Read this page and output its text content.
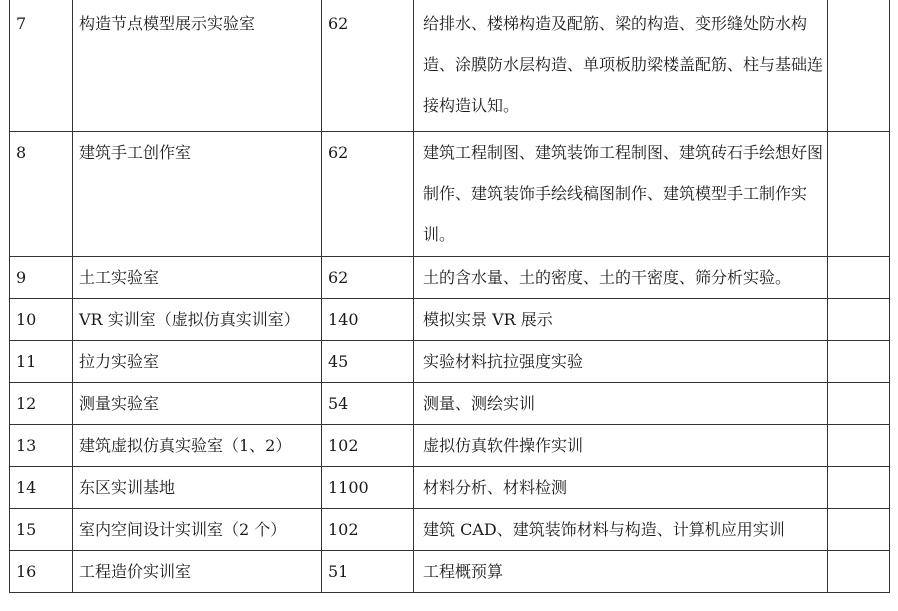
7	构造节点模型展示实验室	62	给排水、楼梯构造及配筋、梁的构造、变形缝处防水构造、涂膜防水层构造、单项板肋梁楼盖配筋、柱与基础连接构造认知。	
8	建筑手工创作室	62	建筑工程制图、建筑装饰工程制图、建筑砖石手绘想好图制作、建筑装饰手绘线稿图制作、建筑模型手工制作实训。	
9	土工实验室	62	土的含水量、土的密度、土的干密度、筛分析实验。	
10	VR 实训室（虚拟仿真实训室）	140	模拟实景 VR 展示	
11	拉力实验室	45	实验材料抗拉强度实验	
12	测量实验室	54	测量、测绘实训	
13	建筑虚拟仿真实验室（1、2）	102	虚拟仿真软件操作实训	
14	东区实训基地	1100	材料分析、材料检测	
15	室内空间设计实训室（2 个）	102	建筑 CAD、建筑装饰材料与构造、计算机应用实训	
16	工程造价实训室	51	工程概预算	
